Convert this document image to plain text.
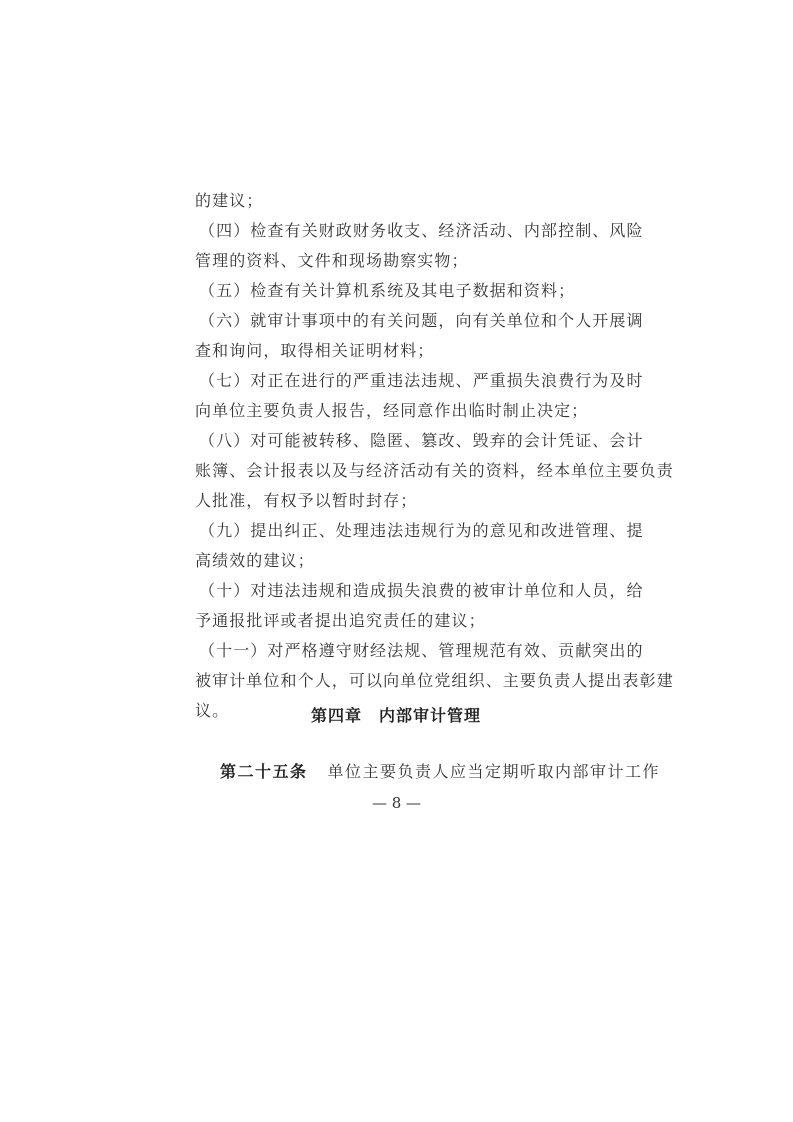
的建议；
（四）检查有关财政财务收支、经济活动、内部控制、风险
管理的资料、文件和现场勘察实物；
（五）检查有关计算机系统及其电子数据和资料；
（六）就审计事项中的有关问题，向有关单位和个人开展调
查和询问，取得相关证明材料；
（七）对正在进行的严重违法违规、严重损失浪费行为及时
向单位主要负责人报告，经同意作出临时制止决定；
（八）对可能被转移、隐匿、篡改、毁弃的会计凭证、会计
账簿、会计报表以及与经济活动有关的资料，经本单位主要负责
人批准，有权予以暂时封存；
（九）提出纠正、处理违法违规行为的意见和改进管理、提
高绩效的建议；
（十）对违法违规和造成损失浪费的被审计单位和人员，给
予通报批评或者提出追究责任的建议；
（十一）对严格遵守财经法规、管理规范有效、贡献突出的
被审计单位和个人，可以向单位党组织、主要负责人提出表彰建
议。	第四章　内部审计管理
第二十五条 单位主要负责人应当定期听取内部审计工作
— 8 —
